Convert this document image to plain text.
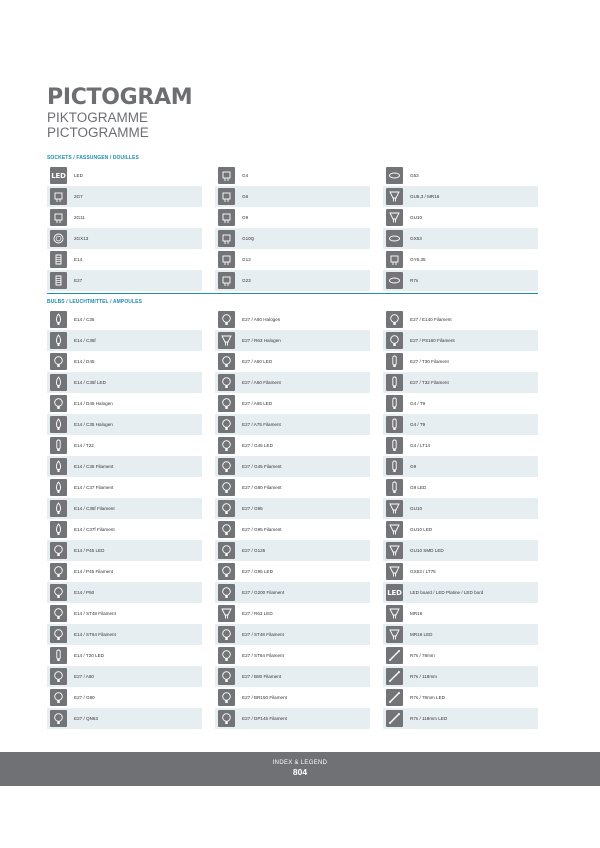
PICTOGRAM
PIKTOGRAMME
PICTOGRAMME
SOCKETS / FASSUNGEN / DOUILLES
LED LED	G4	G53
2G7	G6	GU5,3 / MR16
2G11	G9	GU10
2GX13	G10Q	GX53
E14	G13	GY6,35
E27	G23	R7s
BULBS / LEUCHTMITTEL / AMPOULES
E14 / C35	E27 / A60 Halogen	E27 / E140 Filament
E14 / C35f	E27 / R63 Halogen	E27 / PS160 Filament
E14 / D45	E27 / A60 LED	E27 / T30 Filament
E14 / C35f LED	E27 / A60 Filament	E27 / T32 Filament
E14 / D45 Halogen	E27 / A65 LED	G4 / T9
E14 / C35 Halogen	E27 / A75 Filament	G4 / T9
E14 / T22	E27 / G45 LED	G4 / LT14
E14 / C35 Filament	E27 / G45 Filament	G9
E14 / C37 Filament	E27 / G80 Filament	G9 LED
E14 / C35f Filament	E27 / G95	GU10
E14 / C37f Filament	E27 / G95 Filament	GU10 LED
E14 / P45 LED	E27 / G125	GU10 SMD LED
E14 / P45 Filament	E27 / G95 LED	GX53 / LT75
E14 / P50	E27 / G200 Filament	LED LED board / LED Platine / LED bord
E14 / ST48 Filament	E27 / R63 LED	MR16
E14 / ST64 Filament	E27 / ST48 Filament	MR16 LED
E14 / T20 LED	E27 / ST64 Filament	R7s / 78mm
E27 / A60	E27 / B80 Filament	R7s / 118mm
E27 / G80	E27 / BR150 Filament	R7s / 78mm LED
E27 / QN63	E27 / DP145 Filament	R7s / 118mm LED
INDEX & LEGEND
804
